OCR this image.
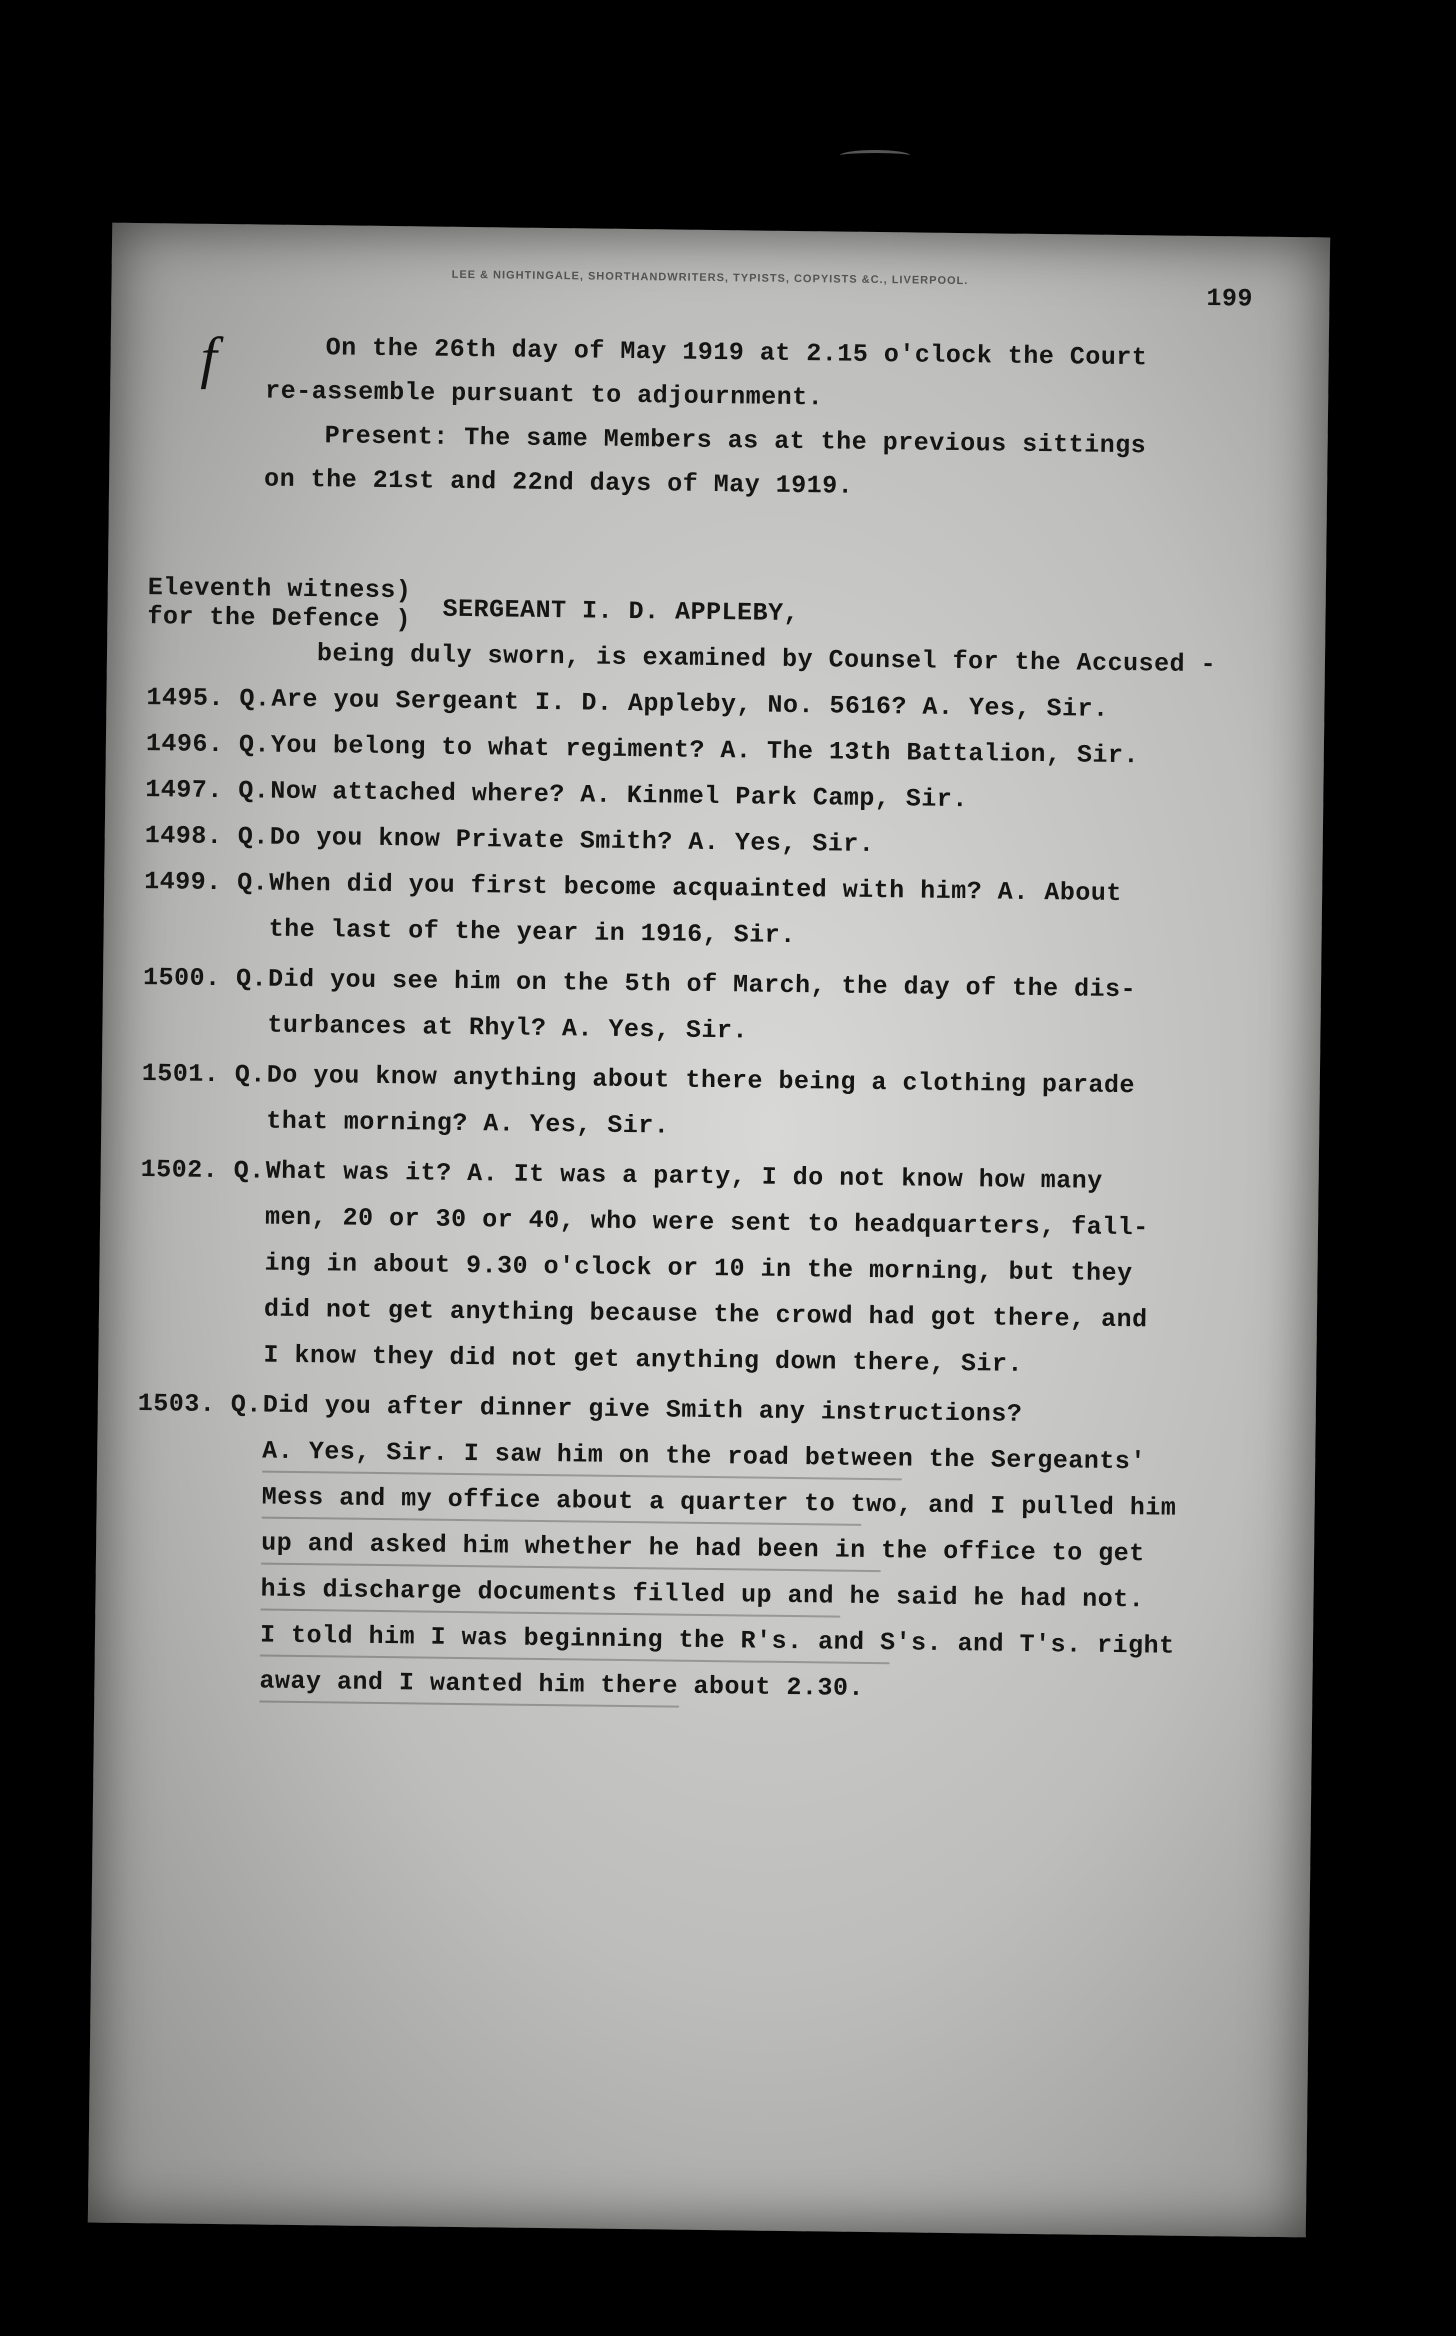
LEE & NIGHTINGALE, SHORTHANDWRITERS, TYPISTS, COPYISTS &C., LIVERPOOL.
199
f	On the 26th day of May 1919 at 2.15 o'clock the Court
re-assemble pursuant to adjournment.
Present: The same Members as at the previous sittings
on the 21st and 22nd days of May 1919.
Eleventh witness)
for the Defence ) SERGEANT I. D. APPLEBY,
being duly sworn, is examined by Counsel for the Accused -
1495. Q. Are you Sergeant I. D. Appleby, No. 5616? A. Yes, Sir.
1496. Q. You belong to what regiment? A. The 13th Battalion, Sir.
1497. Q. Now attached where? A. Kinmel Park Camp, Sir.
1498. Q. Do you know Private Smith? A. Yes, Sir.
1499. Q. When did you first become acquainted with him? A. About
the last of the year in 1916, Sir.
1500. Q. Did you see him on the 5th of March, the day of the dis-
turbances at Rhyl? A. Yes, Sir.
1501. Q. Do you know anything about there being a clothing parade
that morning? A. Yes, Sir.
1502. Q. What was it? A. It was a party, I do not know how many
men, 20 or 30 or 40, who were sent to headquarters, fall-
ing in about 9.30 o'clock or 10 in the morning, but they
did not get anything because the crowd had got there, and
I know they did not get anything down there, Sir.
1503. Q. Did you after dinner give Smith any instructions?
A. Yes, Sir. I saw him on the road between the Sergeants'
Mess and my office about a quarter to two, and I pulled him
up and asked him whether he had been in the office to get
his discharge documents filled up and he said he had not.
I told him I was beginning the R's. and S's. and T's. right
away and I wanted him there about 2.30.
